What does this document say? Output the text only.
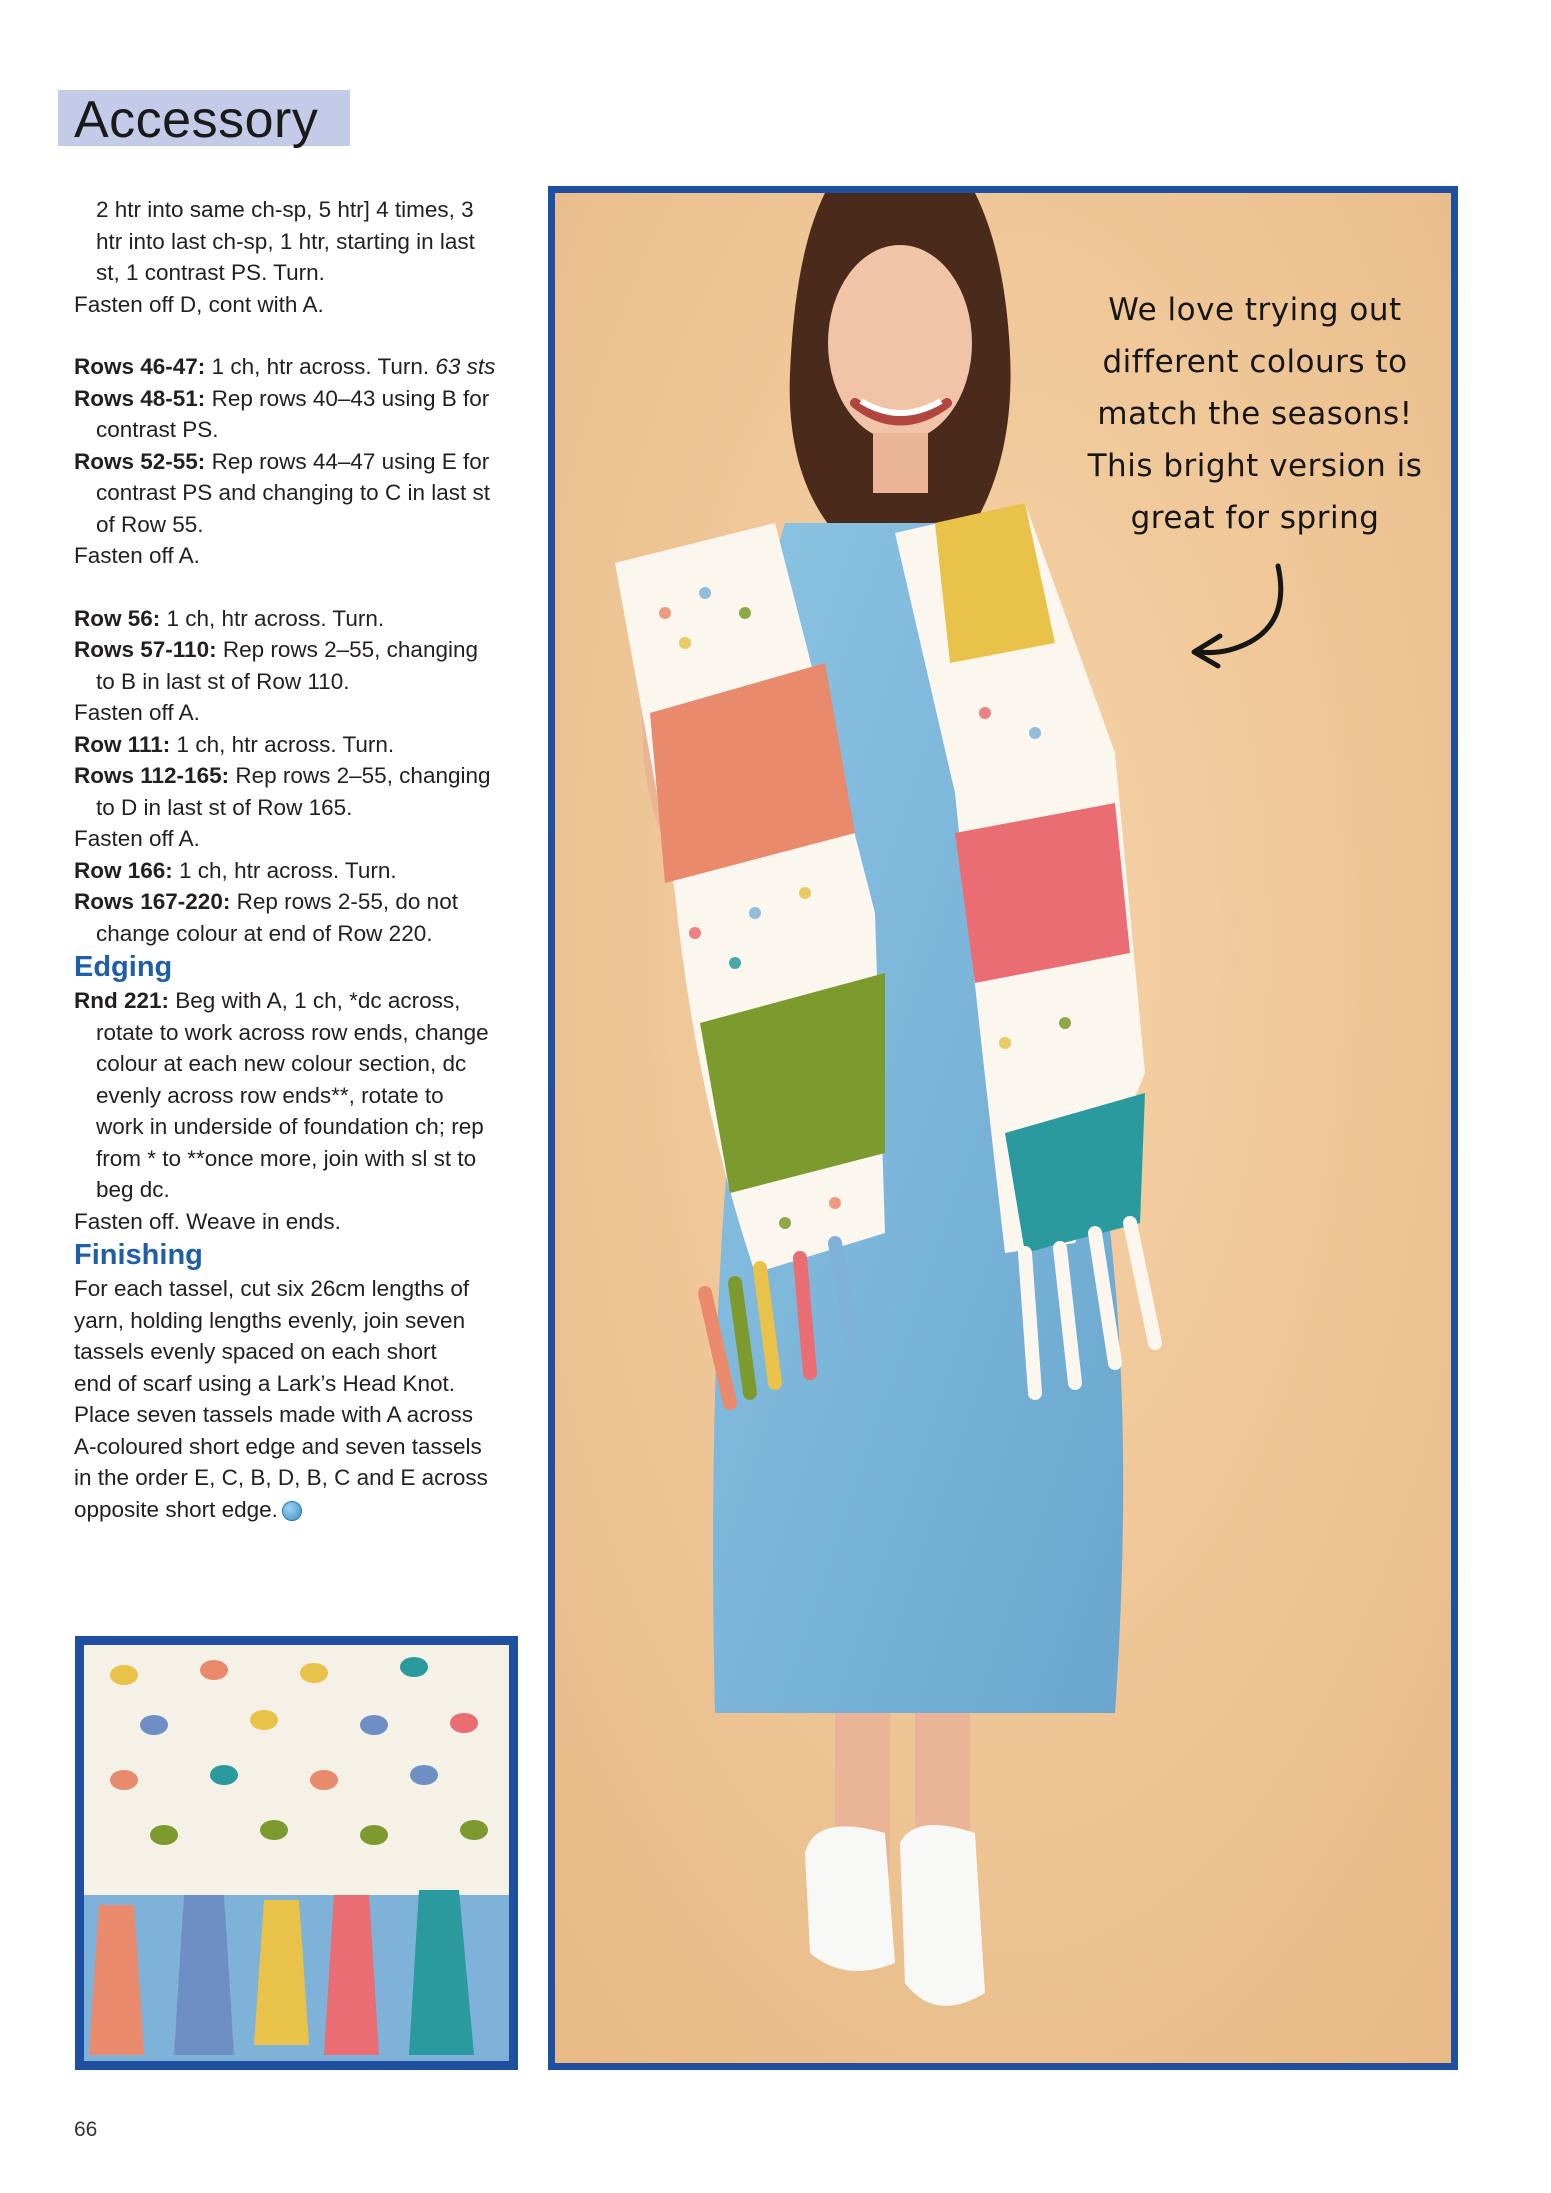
Accessory

2 htr into same ch-sp, 5 htr] 4 times, 3

htr into last ch-sp, 1 htr, starting in last

st, 1 contrast PS. Turn.

Fasten off D, cont with A.

Rows 46-47: 1 ch, htr across. Turn. 63 sts

Rows 48-51: Rep rows 40–43 using B for

contrast PS.

Rows 52-55: Rep rows 44–47 using E for

contrast PS and changing to C in last st

of Row 55.

Fasten off A.

Row 56: 1 ch, htr across. Turn.

Rows 57-110: Rep rows 2–55, changing

to B in last st of Row 110.

Fasten off A.

Row 111: 1 ch, htr across. Turn.

Rows 112-165: Rep rows 2–55, changing

to D in last st of Row 165.

Fasten off A.

Row 166: 1 ch, htr across. Turn.

Rows 167-220: Rep rows 2-55, do not

change colour at end of Row 220.

Edging

Rnd 221: Beg with A, 1 ch, *dc across,

rotate to work across row ends, change

colour at each new colour section, dc

evenly across row ends**, rotate to

work in underside of foundation ch; rep

from * to **once more, join with sl st to

beg dc.

Fasten off. Weave in ends.

Finishing

For each tassel, cut six 26cm lengths of

yarn, holding lengths evenly, join seven

tassels evenly spaced on each short

end of scarf using a Lark’s Head Knot.

Place seven tassels made with A across

A-coloured short edge and seven tassels

in the order E, C, B, D, B, C and E across

opposite short edge.

We love trying out
different colours to
match the seasons!
This bright version is
great for spring
66
